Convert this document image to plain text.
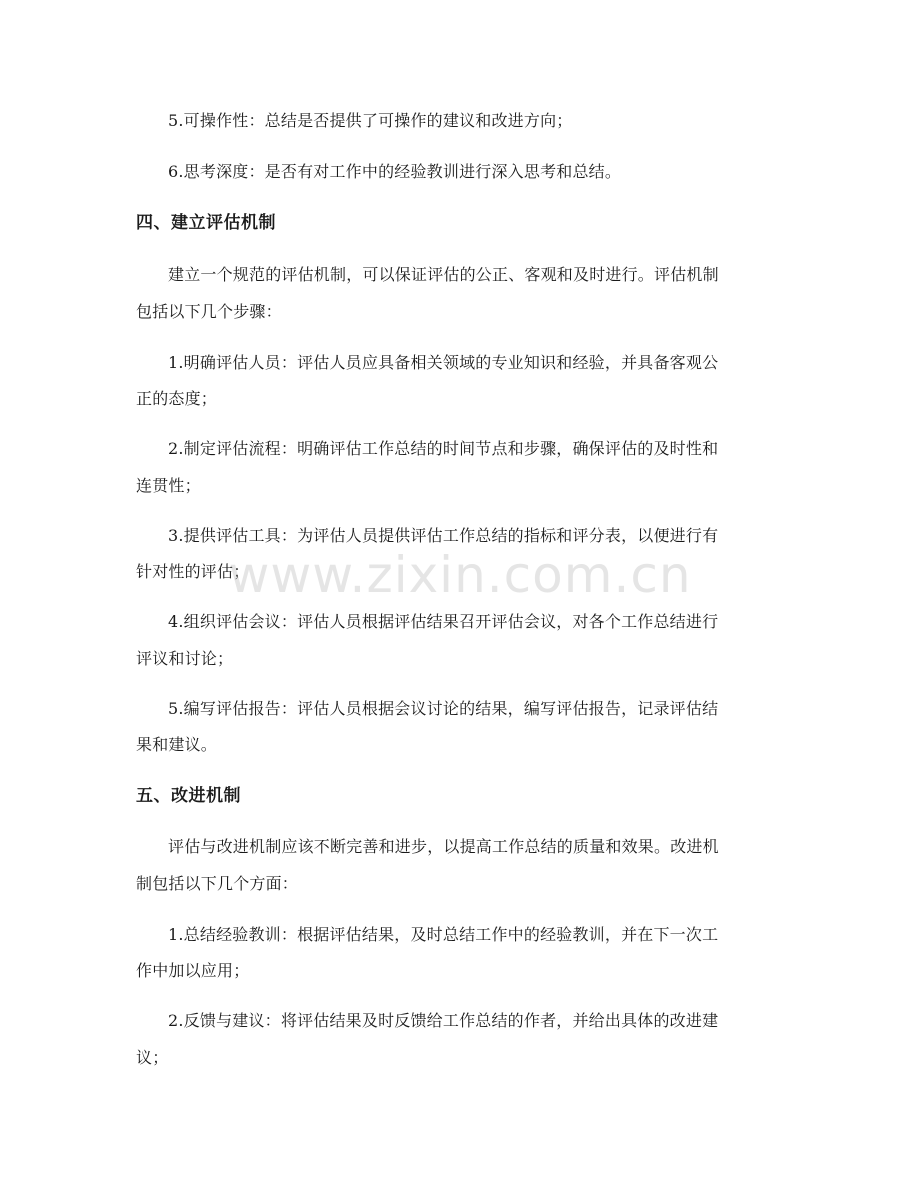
5.可操作性：总结是否提供了可操作的建议和改进方向；
6.思考深度：是否有对工作中的经验教训进行深入思考和总结。
四、建立评估机制
建立一个规范的评估机制，可以保证评估的公正、客观和及时进行。评估机制
包括以下几个步骤：
1.明确评估人员：评估人员应具备相关领域的专业知识和经验，并具备客观公
正的态度；
2.制定评估流程：明确评估工作总结的时间节点和步骤，确保评估的及时性和
连贯性；
3.提供评估工具：为评估人员提供评估工作总结的指标和评分表，以便进行有
针对性的评估；
4.组织评估会议：评估人员根据评估结果召开评估会议，对各个工作总结进行
评议和讨论；
5.编写评估报告：评估人员根据会议讨论的结果，编写评估报告，记录评估结
果和建议。
五、改进机制
评估与改进机制应该不断完善和进步，以提高工作总结的质量和效果。改进机
制包括以下几个方面：
1.总结经验教训：根据评估结果，及时总结工作中的经验教训，并在下一次工
作中加以应用；
2.反馈与建议：将评估结果及时反馈给工作总结的作者，并给出具体的改进建
议；
www.zixin.com.cn
